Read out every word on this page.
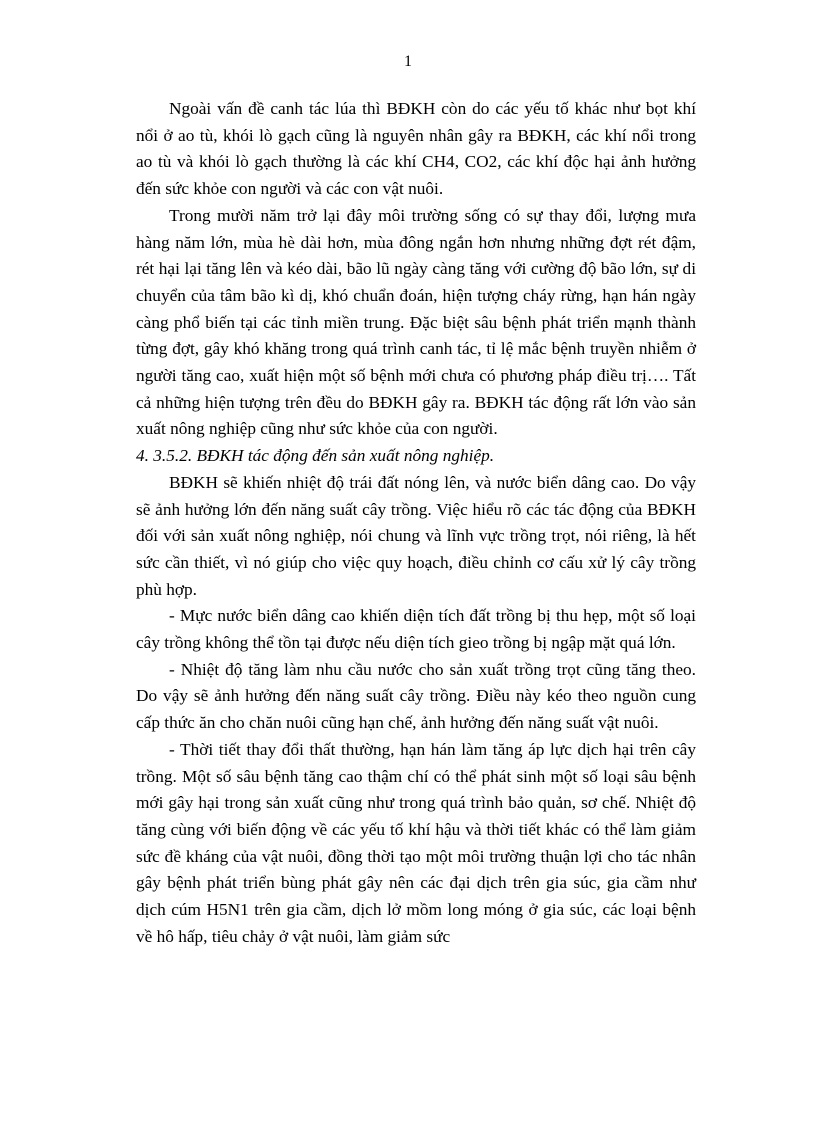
1

Ngoài vấn đề canh tác lúa thì BĐKH còn do các yếu tố khác như bọt khí nổi ở ao tù, khói lò gạch cũng là nguyên nhân gây ra BĐKH, các khí nổi trong ao tù và khói lò gạch thường là các khí CH4, CO2, các khí độc hại ảnh hưởng đến sức khỏe con người và các con vật nuôi.

Trong mười năm trở lại đây môi trường sống có sự thay đổi, lượng mưa hàng năm lớn, mùa hè dài hơn, mùa đông ngắn hơn nhưng những đợt rét đậm, rét hại lại tăng lên và kéo dài, bão lũ ngày càng tăng với cường độ bão lớn, sự di chuyển của tâm bão kì dị, khó chuẩn đoán, hiện tượng cháy rừng, hạn hán ngày càng phổ biến tại các tỉnh miền trung. Đặc biệt sâu bệnh phát triển mạnh thành từng đợt, gây khó khăng trong quá trình canh tác, tỉ lệ mắc bệnh truyền nhiễm ở người tăng cao, xuất hiện một số bệnh mới chưa có phương pháp điều trị…. Tất cả những hiện tượng trên đều do BĐKH gây ra. BĐKH tác động rất lớn vào sản xuất nông nghiệp cũng như sức khỏe của con người.

4. 3.5.2. BĐKH tác động đến sản xuất nông nghiệp.

BĐKH sẽ khiến nhiệt độ trái đất nóng lên, và nước biển dâng cao. Do vậy sẽ ảnh hưởng lớn đến năng suất cây trồng. Việc hiểu rõ các tác động của BĐKH đối với sản xuất nông nghiệp, nói chung và lĩnh vực trồng trọt, nói riêng, là hết sức cần thiết, vì nó giúp cho việc quy hoạch, điều chỉnh cơ cấu xử lý cây trồng phù hợp.

- Mực nước biển dâng cao khiến diện tích đất trồng bị thu hẹp, một số loại cây trồng không thể tồn tại được nếu diện tích gieo trồng bị ngập mặt quá lớn.

- Nhiệt độ tăng làm nhu cầu nước cho sản xuất trồng trọt cũng tăng theo. Do vậy sẽ ảnh hưởng đến năng suất cây trồng. Điều này kéo theo nguồn cung cấp thức ăn cho chăn nuôi cũng hạn chế, ảnh hưởng đến năng suất vật nuôi.

- Thời tiết thay đổi thất thường, hạn hán làm tăng áp lực dịch hại trên cây trồng. Một số sâu bệnh tăng cao thậm chí có thể phát sinh một số loại sâu bệnh mới gây hại trong sản xuất cũng như trong quá trình bảo quản, sơ chế. Nhiệt độ tăng cùng với biến động về các yếu tố khí hậu và thời tiết khác có thể làm giảm sức đề kháng của vật nuôi, đồng thời tạo một môi trường thuận lợi cho tác nhân gây bệnh phát triển bùng phát gây nên các đại dịch trên gia súc, gia cầm như dịch cúm H5N1 trên gia cầm, dịch lở mồm long móng ở gia súc, các loại bệnh về hô hấp, tiêu chảy ở vật nuôi, làm giảm sức
